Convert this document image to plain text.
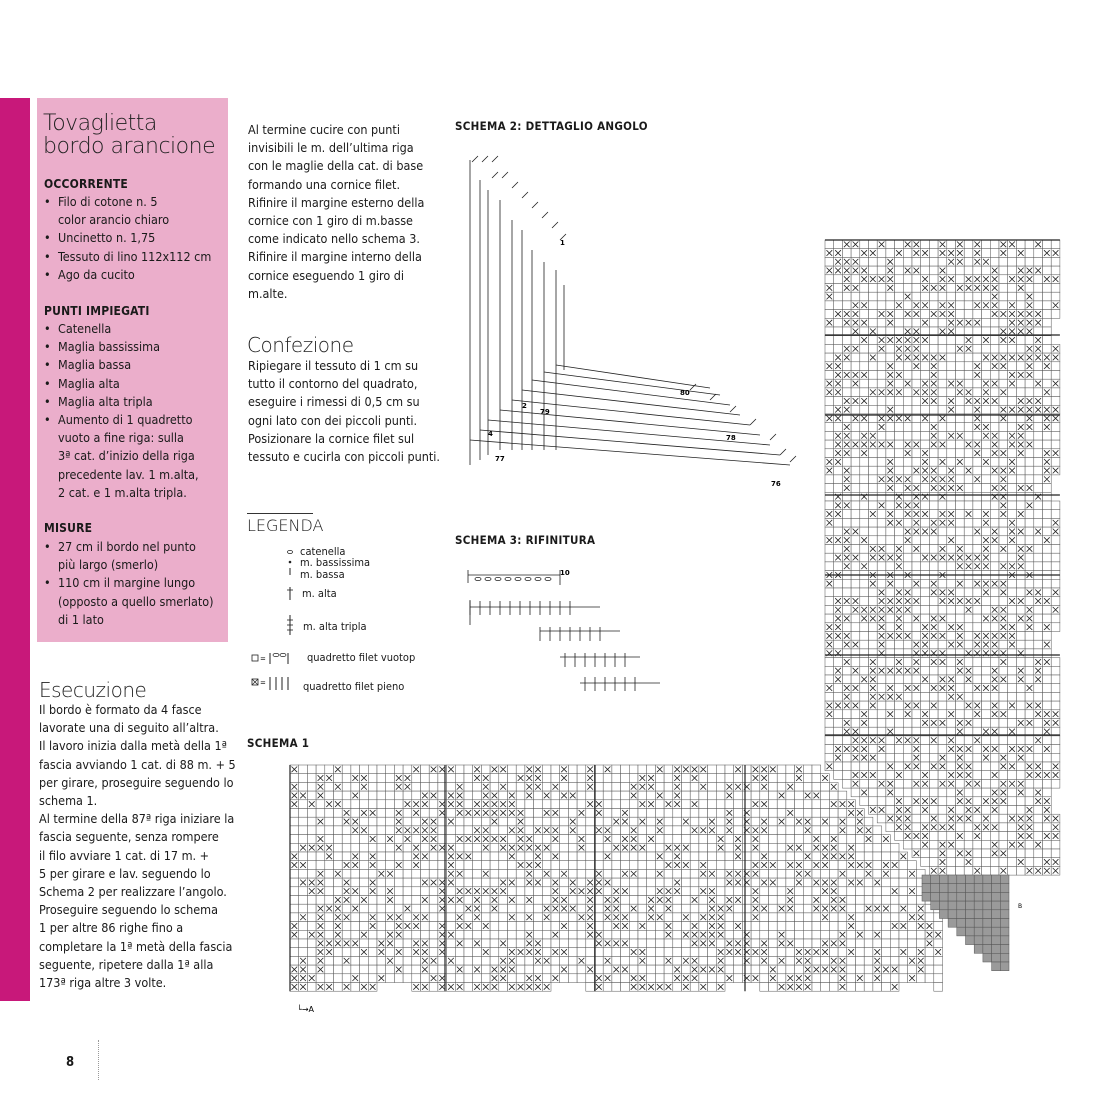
Tovaglietta
bordo arancione
OCCORRENTE
• Filo di cotone n. 5
color arancio chiaro
• Uncinetto n. 1,75
• Tessuto di lino 112x112 cm
• Ago da cucito
PUNTI IMPIEGATI
• Catenella
• Maglia bassissima
• Maglia bassa
• Maglia alta
• Maglia alta tripla
• Aumento di 1 quadretto
vuoto a fine riga: sulla
3ª cat. d’inizio della riga
precedente lav. 1 m.alta,
2 cat. e 1 m.alta tripla.
MISURE
• 27 cm il bordo nel punto
più largo (smerlo)
• 110 cm il margine lungo
(opposto a quello smerlato)
di 1 lato
Esecuzione
Il bordo è formato da 4 fasce
lavorate una di seguito all’altra.
Il lavoro inizia dalla metà della 1ª
fascia avviando 1 cat. di 88 m. + 5
per girare, proseguire seguendo lo
schema 1.
Al termine della 87ª riga iniziare la
fascia seguente, senza rompere
il filo avviare 1 cat. di 17 m. +
5 per girare e lav. seguendo lo
Schema 2 per realizzare l’angolo.
Proseguire seguendo lo schema
1 per altre 86 righe fino a
completare la 1ª metà della fascia
seguente, ripetere dalla 1ª alla
173ª riga altre 3 volte.
Al termine cucire con punti
invisibili le m. dell’ultima riga
con le maglie della cat. di base
formando una cornice filet.
Rifinire il margine esterno della
cornice con 1 giro di m.basse
come indicato nello schema 3.
Rifinire il margine interno della
cornice eseguendo 1 giro di
m.alte.
Confezione
Ripiegare il tessuto di 1 cm su
tutto il contorno del quadrato,
eseguire i rimessi di 0,5 cm su
ogni lato con dei piccoli punti.
Posizionare la cornice filet sul
tessuto e cucirla con piccoli punti.
LEGENDA
=
=
catenella
m. bassissima
m. bassa
m. alta
m. alta tripla
quadretto filet vuotop
quadretto filet pieno
SCHEMA 2: DETTAGLIO ANGOLO
SCHEMA 3: RIFINITURA
SCHEMA 1
80
79
78
77
76
4
2
1
10
└→A
B
8
